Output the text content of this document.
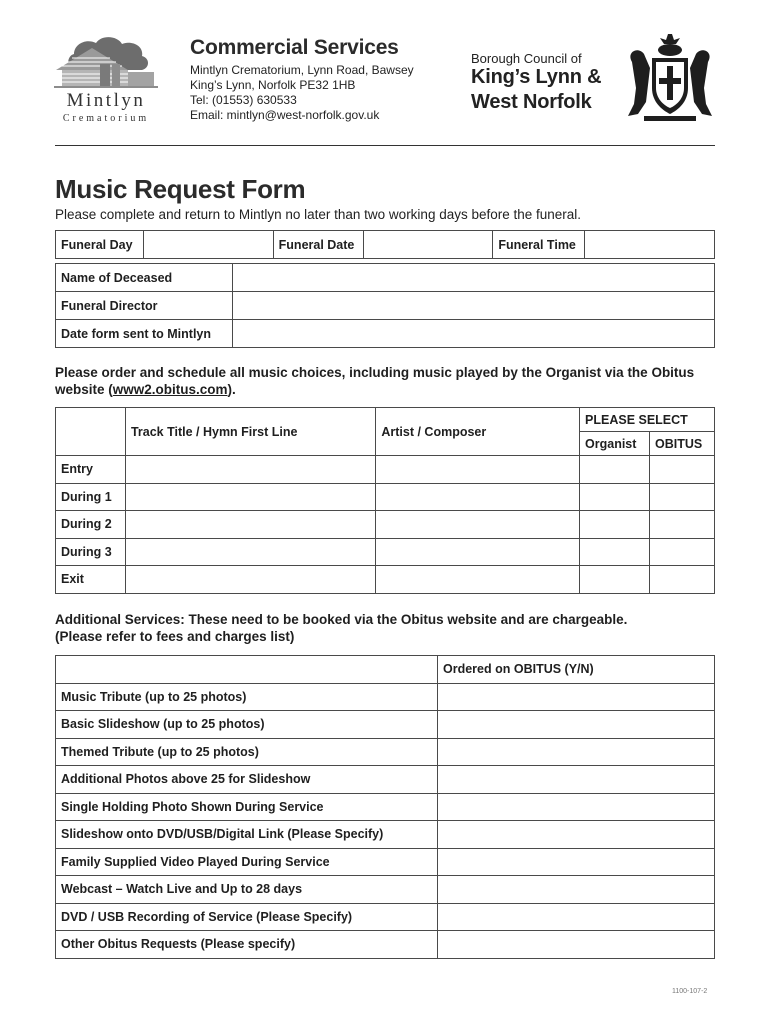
Mintlyn
Crematorium
Commercial Services
Mintlyn Crematorium, Lynn Road, Bawsey
King’s Lynn, Norfolk PE32 1HB
Tel: (01553) 630533
Email: mintlyn@west-norfolk.gov.uk
Borough Council of
King’s Lynn &
West Norfolk
Music Request Form
Please complete and return to Mintlyn no later than two working days before the funeral.
Funeral Day		Funeral Date		Funeral Time	
Name of Deceased	
Funeral Director	
Date form sent to Mintlyn	
Please order and schedule all music choices, including music played by the Organist via the Obitus website (www2.obitus.com).
	Track Title / Hymn First Line	Artist / Composer	PLEASE SELECT	
			Organist	OBITUS
Entry				
During 1				
During 2				
During 3				
Exit				
Additional Services: These need to be booked via the Obitus website and are chargeable.
(Please refer to fees and charges list)
	Ordered on OBITUS (Y/N)
Music Tribute (up to 25 photos)	
Basic Slideshow (up to 25 photos)	
Themed Tribute (up to 25 photos)	
Additional Photos above 25 for Slideshow	
Single Holding Photo Shown During Service	
Slideshow onto DVD/USB/Digital Link (Please Specify)	
Family Supplied Video Played During Service	
Webcast – Watch Live and Up to 28 days	
DVD / USB Recording of Service (Please Specify)	
Other Obitus Requests (Please specify)	
1100-107-2
